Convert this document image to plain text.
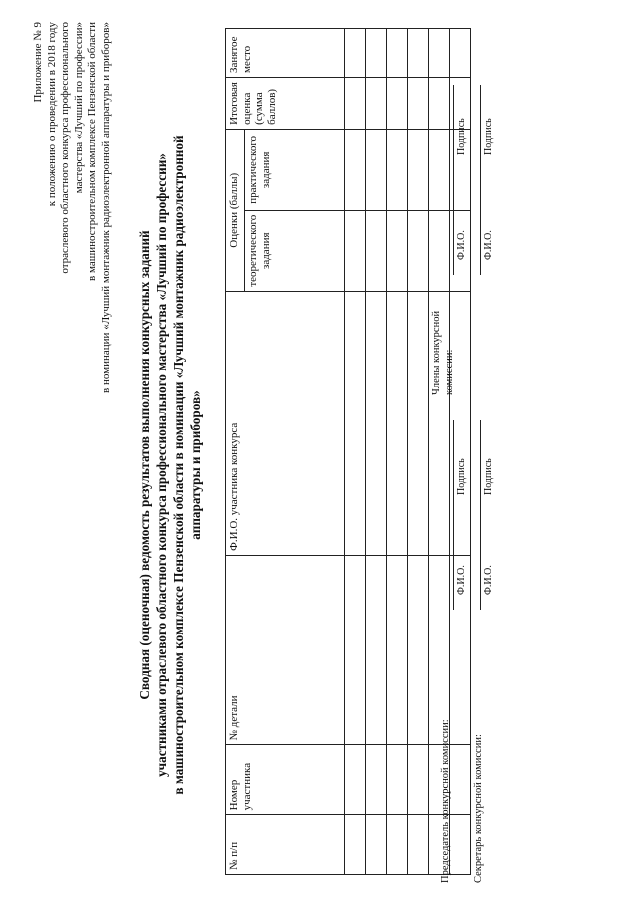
Приложение № 9 к положению о проведении в 2018 году отраслевого областного конкурса профессионального мастерства «Лучший по профессии» в машиностроительном комплексе Пензенской области в номинации «Лучший монтажник радиоэлектронной аппаратуры и приборов»
Сводная (оценочная) ведомость результатов выполнения конкурсных заданий участниками отраслевого областного конкурса профессионального мастерства «Лучший по профессии» в машиностроительном комплексе Пензенской области в номинации «Лучший монтажник радиоэлектронной аппаратуры и приборов»
№ п/п	Номер участника	№ детали	Ф.И.О. участника конкурса	Оценки (баллы)		Итоговая оценка (сумма баллов)	Занятое место
				теоретического задания	практического задания		

Председатель конкурсной комиссии:
Ф.И.О.
Подпись
Секретарь конкурсной комиссии:
Ф.И.О.
Подпись
Члены конкурсной комиссии:
Ф.И.О.
Подпись
Ф.И.О.
Подпись
